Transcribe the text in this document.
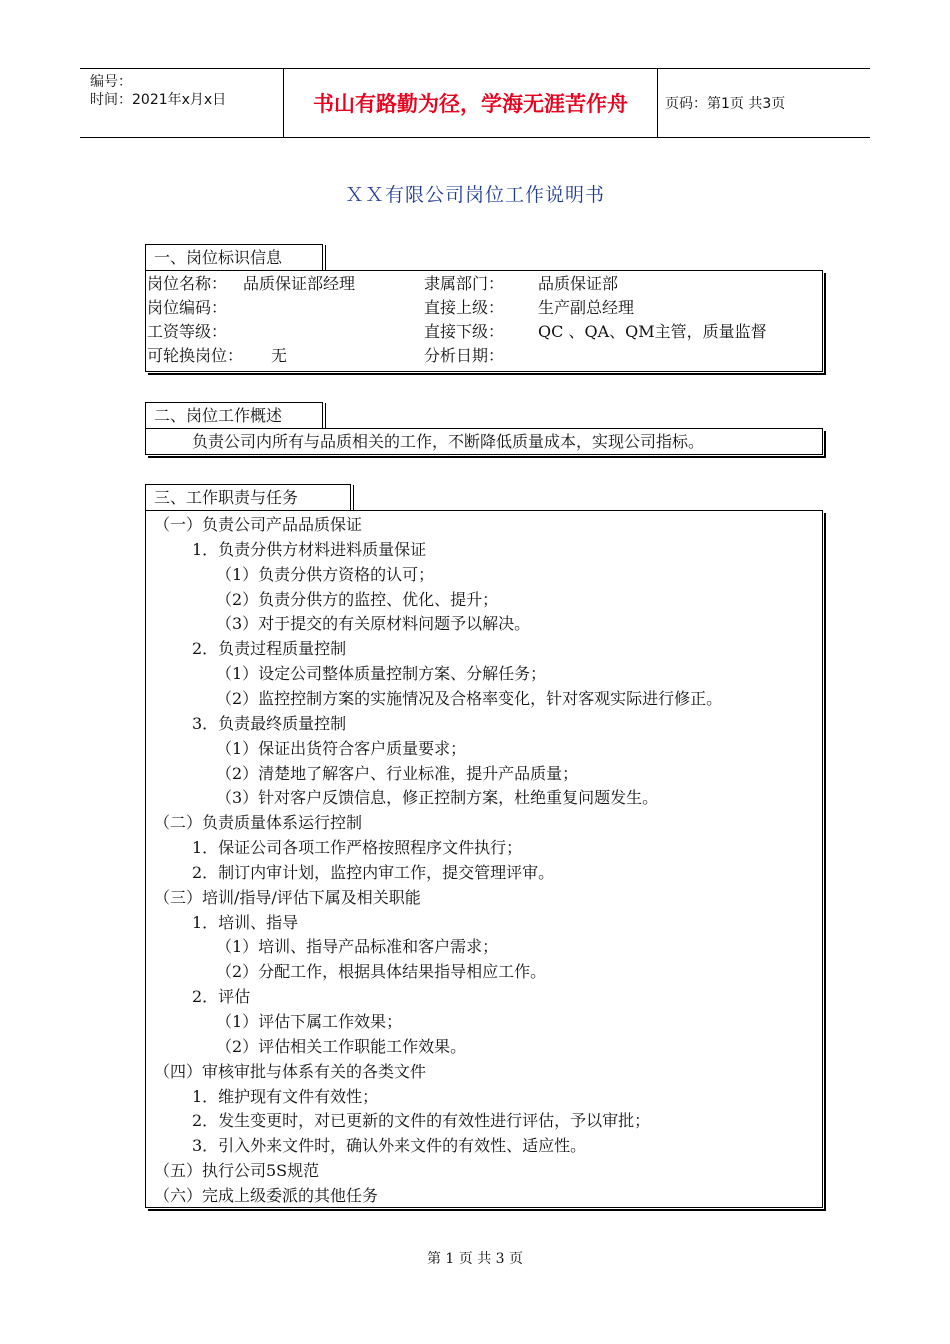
编号：
时间：2021年x月x日	书山有路勤为径，学海无涯苦作舟	页码：第1页 共3页
ＸＸ有限公司岗位工作说明书
一、岗位标识信息
岗位名称： 品质保证部经理	隶属部门： 品质保证部
岗位编码：	直接上级： 生产副总经理
工资等级：	直接下级： QC 、QA、QM主管，质量监督
可轮换岗位： 无	分析日期：
二、岗位工作概述
负责公司内所有与品质相关的工作，不断降低质量成本，实现公司指标。
三、工作职责与任务
（一）负责公司产品品质保证
1．负责分供方材料进料质量保证
（1）负责分供方资格的认可；
（2）负责分供方的监控、优化、提升；
（3）对于提交的有关原材料问题予以解决。
2．负责过程质量控制
（1）设定公司整体质量控制方案、分解任务；
（2）监控控制方案的实施情况及合格率变化，针对客观实际进行修正。
3．负责最终质量控制
（1）保证出货符合客户质量要求；
（2）清楚地了解客户、行业标准，提升产品质量；
（3）针对客户反馈信息，修正控制方案，杜绝重复问题发生。
（二）负责质量体系运行控制
1．保证公司各项工作严格按照程序文件执行；
2．制订内审计划，监控内审工作，提交管理评审。
（三）培训/指导/评估下属及相关职能
1．培训、指导
（1）培训、指导产品标准和客户需求；
（2）分配工作，根据具体结果指导相应工作。
2．评估
（1）评估下属工作效果；
（2）评估相关工作职能工作效果。
（四）审核审批与体系有关的各类文件
1．维护现有文件有效性；
2．发生变更时，对已更新的文件的有效性进行评估，予以审批；
3．引入外来文件时，确认外来文件的有效性、适应性。
（五）执行公司5S规范
（六）完成上级委派的其他任务
第 1 页 共 3 页
